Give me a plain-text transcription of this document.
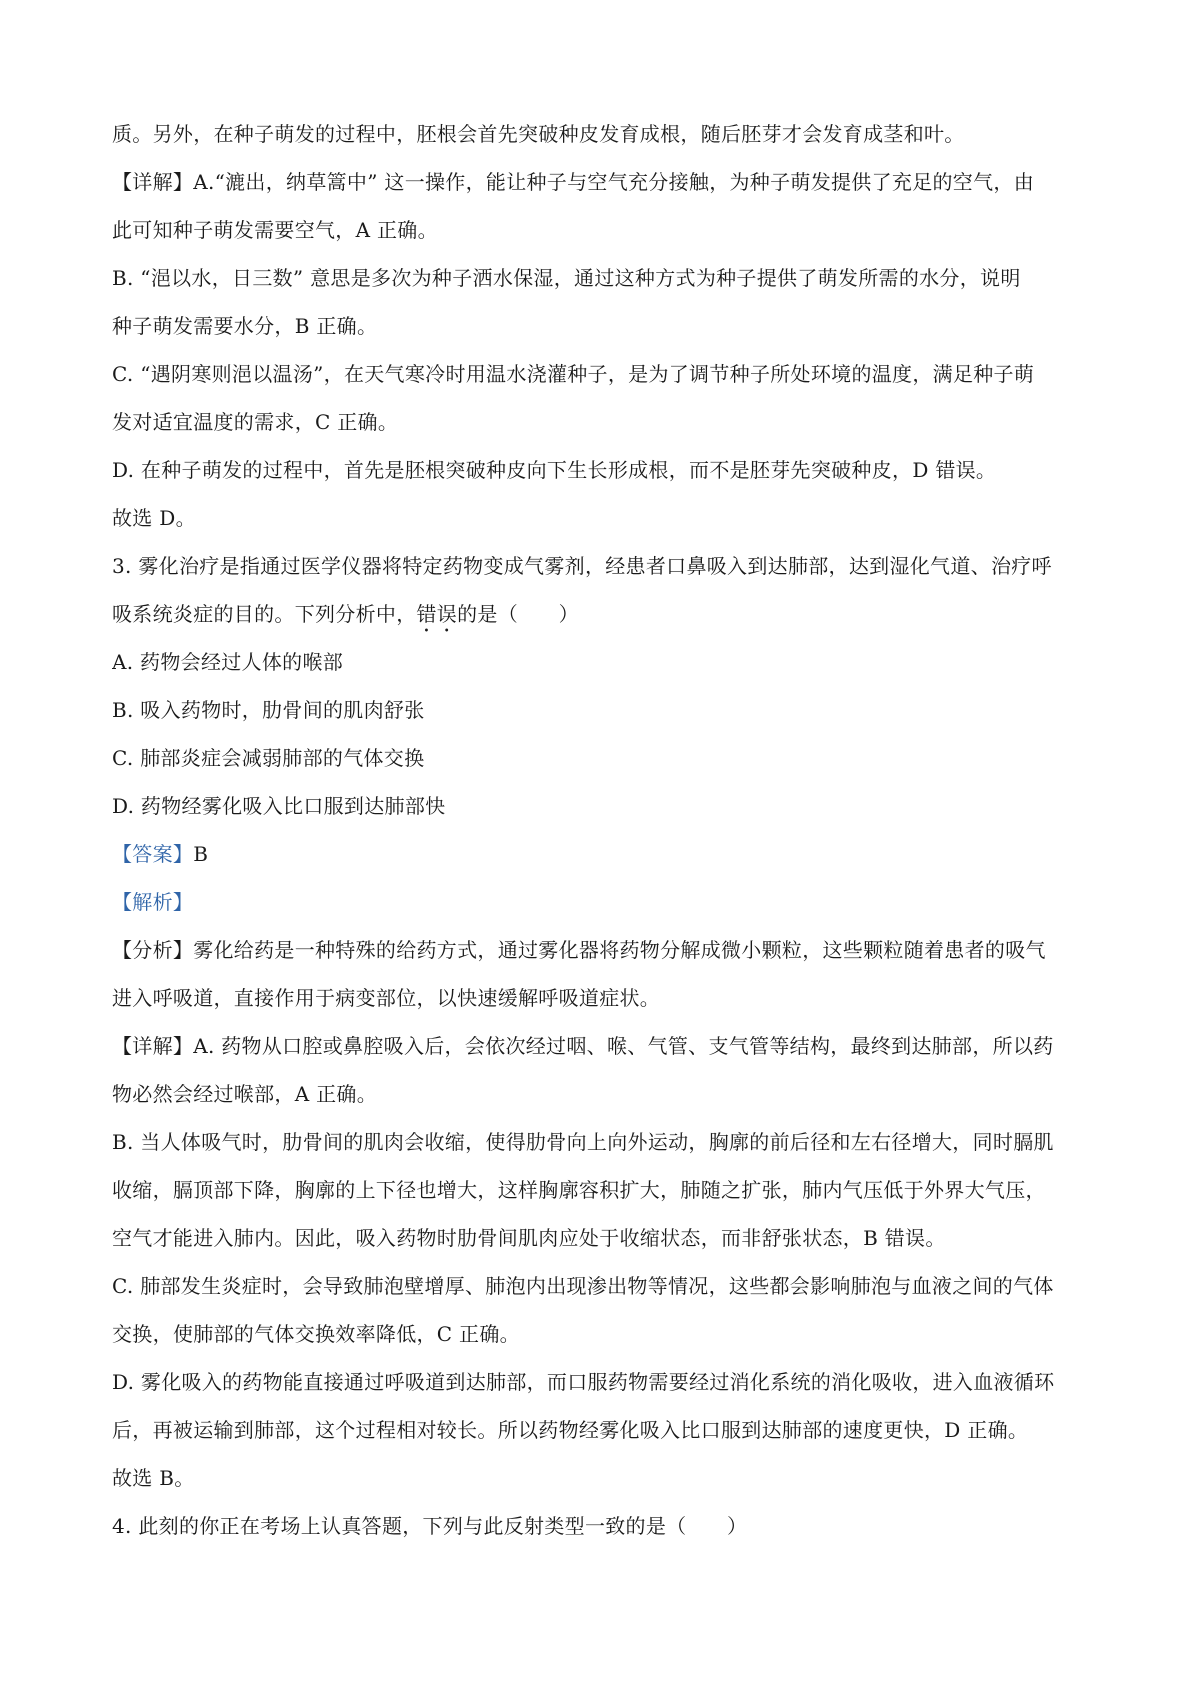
质。另外，在种子萌发的过程中，胚根会首先突破种皮发育成根，随后胚芽才会发育成茎和叶。
【详解】A.“漉出，纳草篙中” 这一操作，能让种子与空气充分接触，为种子萌发提供了充足的空气，由
此可知种子萌发需要空气，A 正确。
B. “浥以水，日三数” 意思是多次为种子洒水保湿，通过这种方式为种子提供了萌发所需的水分，说明
种子萌发需要水分，B 正确。
C. “遇阴寒则浥以温汤”，在天气寒冷时用温水浇灌种子，是为了调节种子所处环境的温度，满足种子萌
发对适宜温度的需求，C 正确。
D. 在种子萌发的过程中，首先是胚根突破种皮向下生长形成根，而不是胚芽先突破种皮，D 错误。
故选 D。
3. 雾化治疗是指通过医学仪器将特定药物变成气雾剂，经患者口鼻吸入到达肺部，达到湿化气道、治疗呼
吸系统炎症的目的。下列分析中，错误的是（　　）
A. 药物会经过人体的喉部
B. 吸入药物时，肋骨间的肌肉舒张
C. 肺部炎症会减弱肺部的气体交换
D. 药物经雾化吸入比口服到达肺部快
【答案】B
【解析】
【分析】雾化给药是一种特殊的给药方式，通过雾化器将药物分解成微小颗粒，这些颗粒随着患者的吸气
进入呼吸道，直接作用于病变部位，以快速缓解呼吸道症状。
【详解】A. 药物从口腔或鼻腔吸入后，会依次经过咽、喉、气管、支气管等结构，最终到达肺部，所以药
物必然会经过喉部，A 正确。
B. 当人体吸气时，肋骨间的肌肉会收缩，使得肋骨向上向外运动，胸廓的前后径和左右径增大，同时膈肌
收缩，膈顶部下降，胸廓的上下径也增大，这样胸廓容积扩大，肺随之扩张，肺内气压低于外界大气压，
空气才能进入肺内。因此，吸入药物时肋骨间肌肉应处于收缩状态，而非舒张状态，B 错误。
C. 肺部发生炎症时，会导致肺泡壁增厚、肺泡内出现渗出物等情况，这些都会影响肺泡与血液之间的气体
交换，使肺部的气体交换效率降低，C 正确。
D. 雾化吸入的药物能直接通过呼吸道到达肺部，而口服药物需要经过消化系统的消化吸收，进入血液循环
后，再被运输到肺部，这个过程相对较长。所以药物经雾化吸入比口服到达肺部的速度更快，D 正确。
故选 B。
4. 此刻的你正在考场上认真答题，下列与此反射类型一致的是（　　）
